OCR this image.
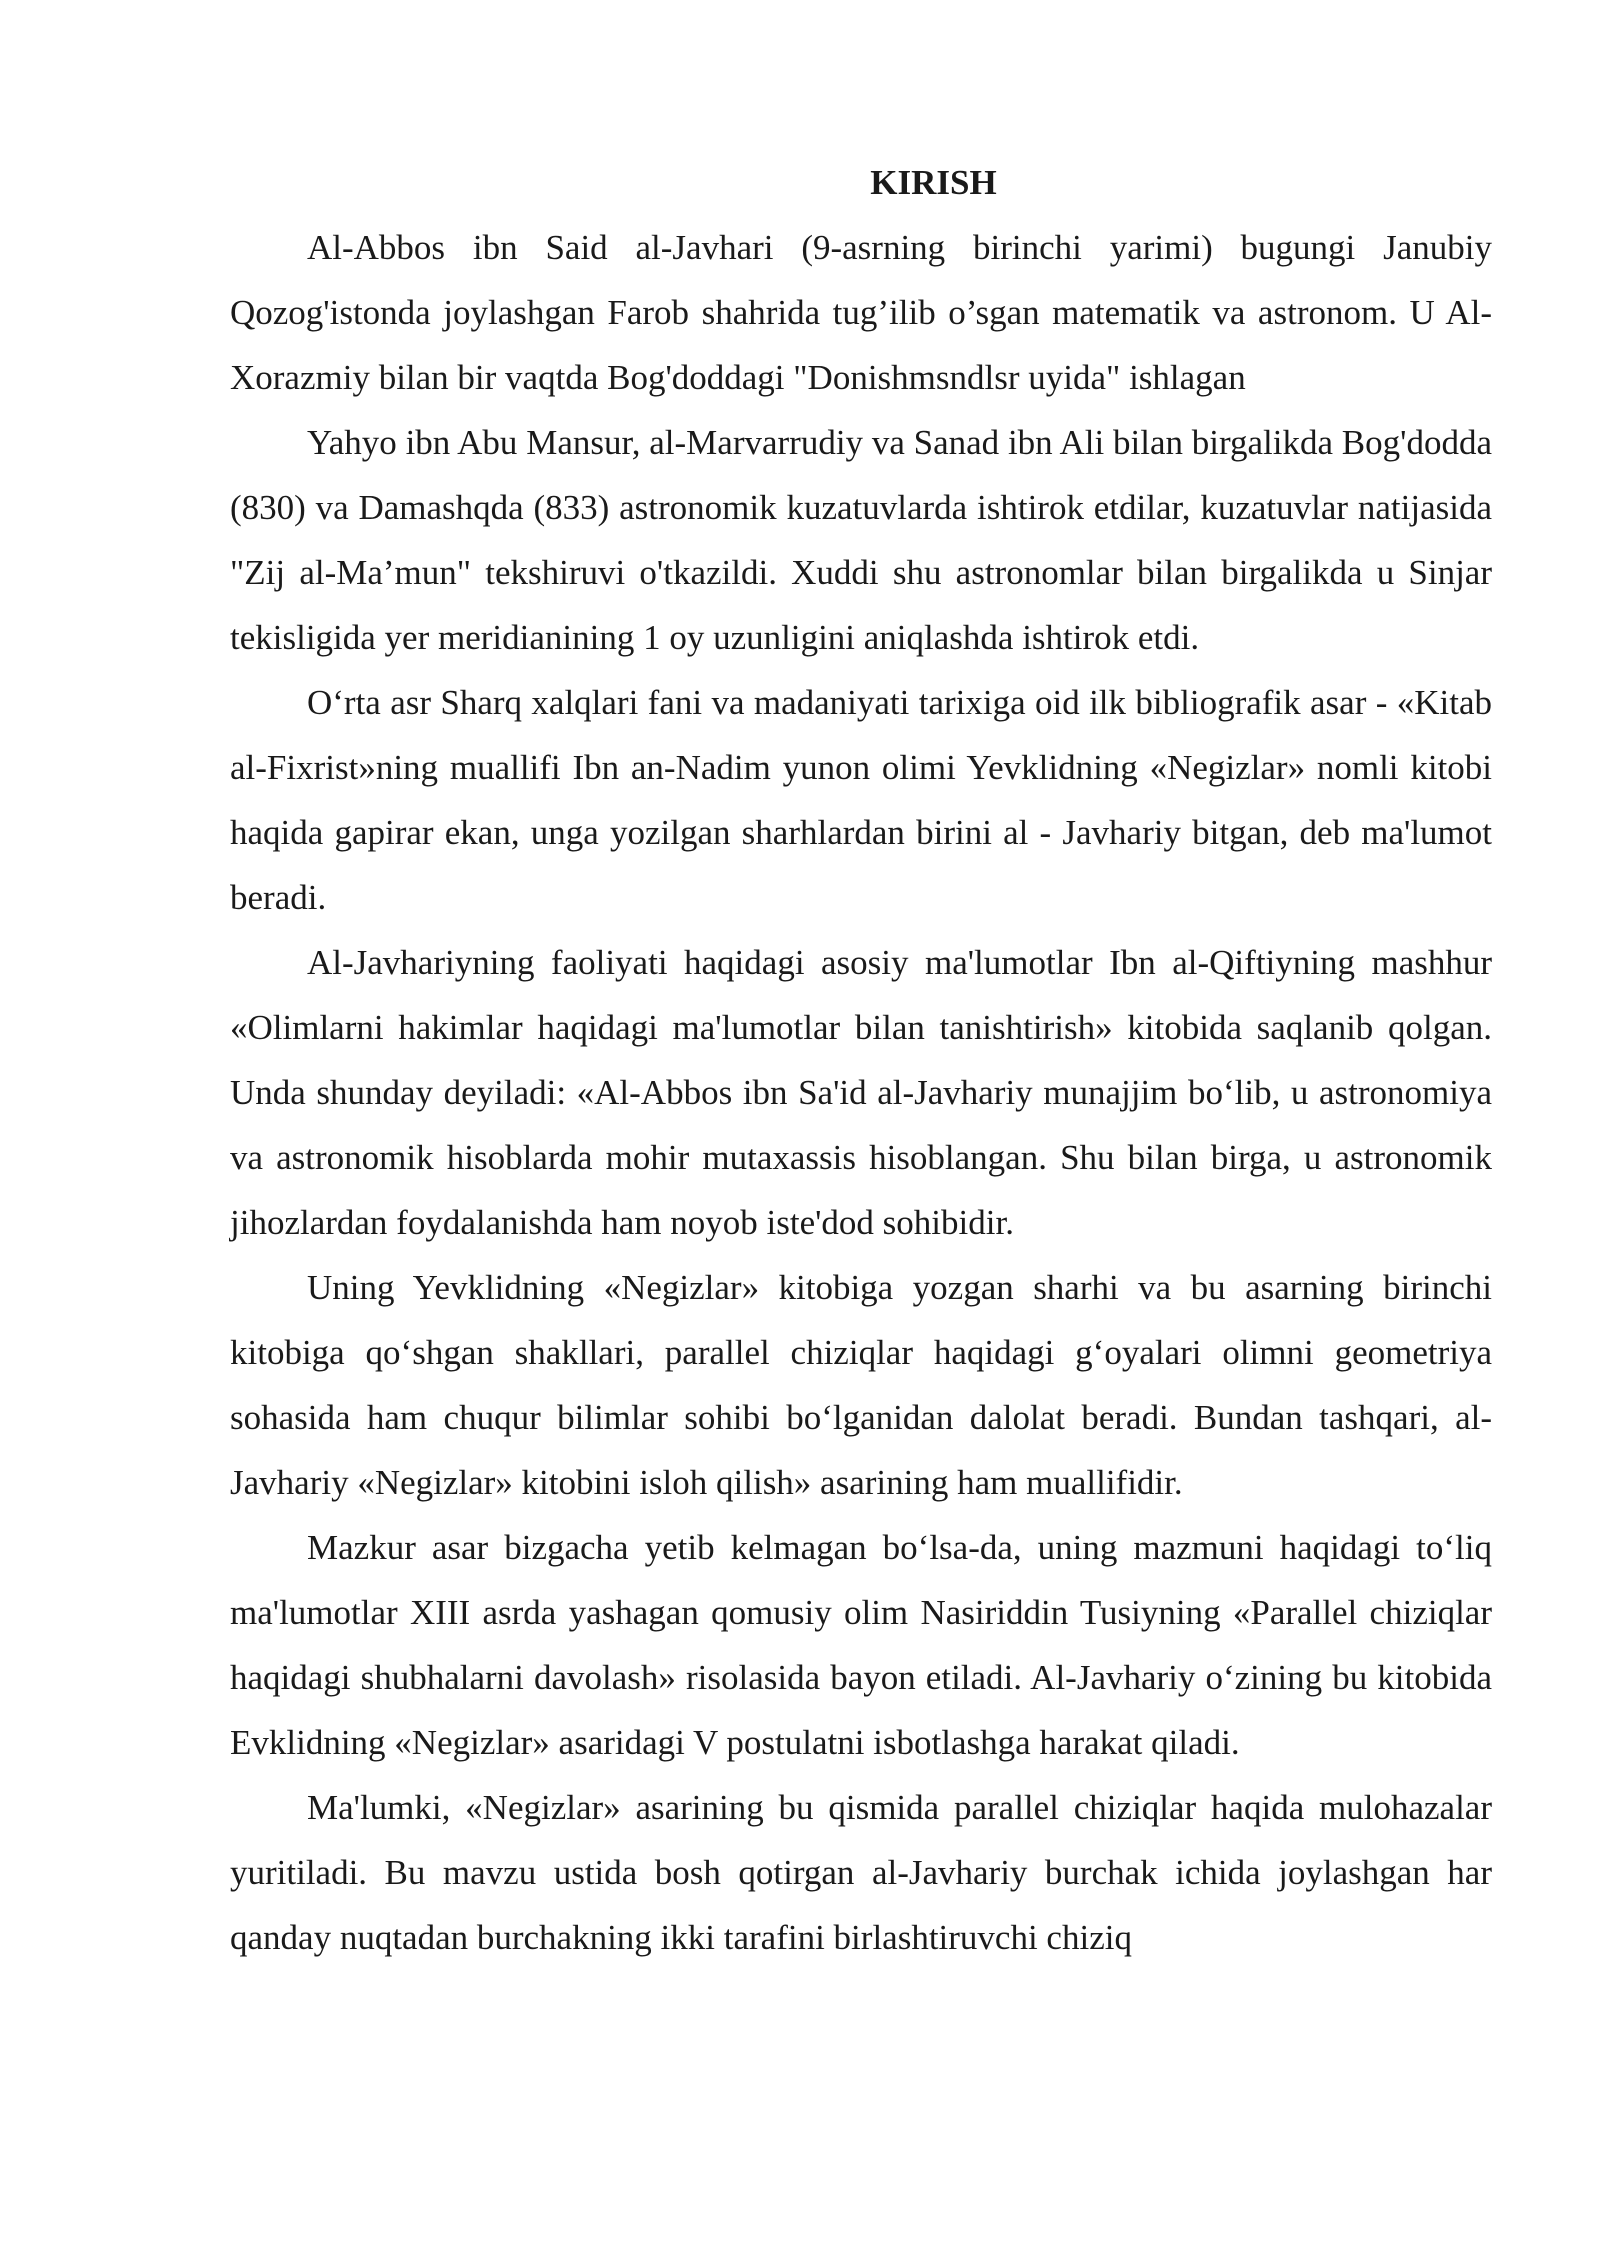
KIRISH

Al-Abbos ibn Said al-Javhari (9-asrning birinchi yarimi) bugungi Janubiy Qozog'istonda joylashgan Farob shahrida tug’ilib o’sgan matematik va astronom. U Al-Xorazmiy bilan bir vaqtda Bog'doddagi "Donishmsndlsr uyida" ishlagan

Yahyo ibn Abu Mansur, al-Marvarrudiy va Sanad ibn Ali bilan birgalikda Bog'dodda (830) va Damashqda (833) astronomik kuzatuvlarda ishtirok etdilar, kuzatuvlar natijasida "Zij al-Ma’mun" tekshiruvi o'tkazildi. Xuddi shu astronomlar bilan birgalikda u Sinjar tekisligida yer meridianining 1 oy uzunligini aniqlashda ishtirok etdi.

O‘rta asr Sharq xalqlari fani va madaniyati tarixiga oid ilk bibliografik asar - «Kitab al-Fixrist»ning muallifi Ibn an-Nadim yunon olimi Yevklidning «Negizlar» nomli kitobi haqida gapirar ekan, unga yozilgan sharhlardan birini al - Javhariy bitgan, deb ma'lumot beradi.

Al-Javhariyning faoliyati haqidagi asosiy ma'lumotlar Ibn al-Qiftiyning mashhur «Olimlarni hakimlar haqidagi ma'lumotlar bilan tanishtirish» kitobida saqlanib qolgan. Unda shunday deyiladi: «Al-Abbos ibn Sa'id al-Javhariy munajjim bo‘lib, u astronomiya va astronomik hisoblarda mohir mutaxassis hisoblangan. Shu bilan birga, u astronomik jihozlardan foydalanishda ham noyob iste'dod sohibidir.

Uning Yevklidning «Negizlar» kitobiga yozgan sharhi va bu asarning birinchi kitobiga qo‘shgan shakllari, parallel chiziqlar haqidagi g‘oyalari olimni geometriya sohasida ham chuqur bilimlar sohibi bo‘lganidan dalolat beradi. Bundan tashqari, al-Javhariy «Negizlar» kitobini isloh qilish» asarining ham muallifidir.

Mazkur asar bizgacha yetib kelmagan bo‘lsa-da, uning mazmuni haqidagi to‘liq ma'lumotlar XIII asrda yashagan qomusiy olim Nasiriddin Tusiyning «Parallel chiziqlar haqidagi shubhalarni davolash» risolasida bayon etiladi. Al-Javhariy o‘zining bu kitobida Evklidning «Negizlar» asaridagi V postulatni isbotlashga harakat qiladi.

Ma'lumki, «Negizlar» asarining bu qismida parallel chiziqlar haqida mulohazalar yuritiladi. Bu mavzu ustida bosh qotirgan al-Javhariy burchak ichida joylashgan har qanday nuqtadan burchakning ikki tarafini birlashtiruvchi chiziq
